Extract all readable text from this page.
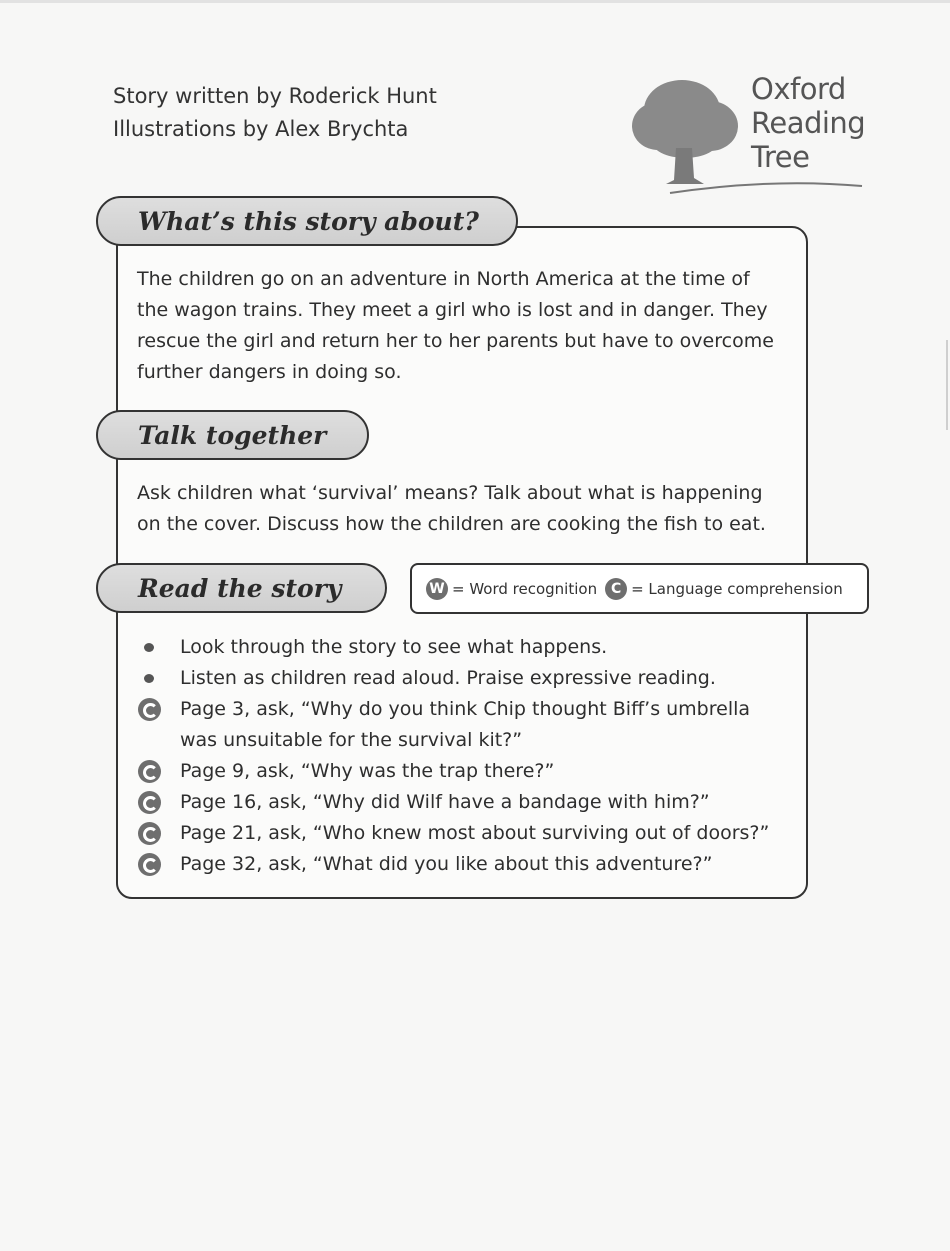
Story written by Roderick Hunt
Illustrations by Alex Brychta
Oxford
Reading
Tree
What’s this story about?
The children go on an adventure in North America at the time of
the wagon trains. They meet a girl who is lost and in danger. They
rescue the girl and return her to her parents but have to overcome
further dangers in doing so.
Talk together
Ask children what ‘survival’ means? Talk about what is happening
on the cover. Discuss how the children are cooking the fish to eat.
Read the story	W = Word recognition C = Language comprehension
Look through the story to see what happens.
Listen as children read aloud. Praise expressive reading.
Page 3, ask, “Why do you think Chip thought Biff’s umbrella
was unsuitable for the survival kit?”
Page 9, ask, “Why was the trap there?”
Page 16, ask, “Why did Wilf have a bandage with him?”
Page 21, ask, “Who knew most about surviving out of doors?”
Page 32, ask, “What did you like about this adventure?”
